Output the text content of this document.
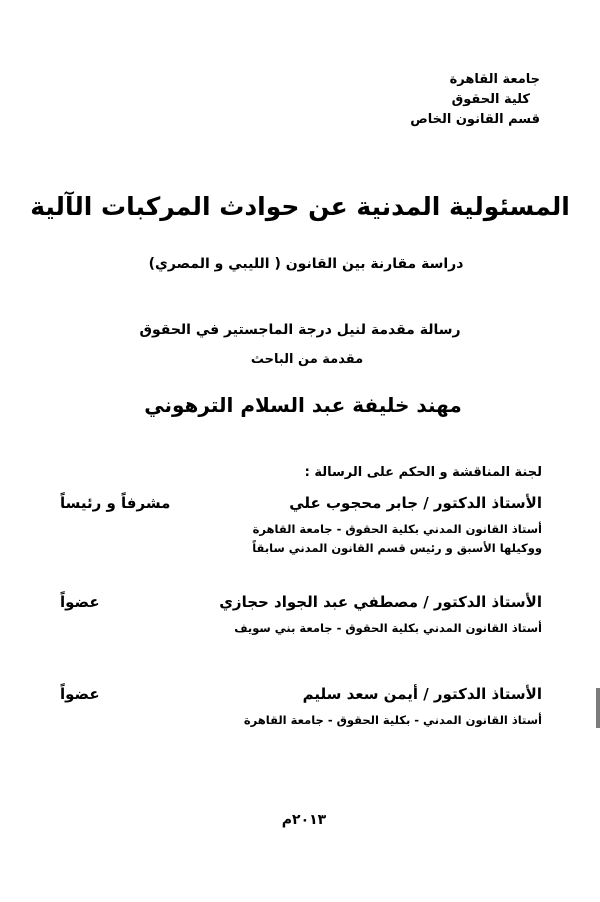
جامعة القاهرة
كلية الحقوق
قسم القانون الخاص
المسئولية المدنية عن حوادث المركبات الآلية
دراسة مقارنة بين القانون ( الليبي و المصري)
رسالة مقدمة لنيل درجة الماجستير في الحقوق
مقدمة من الباحث
مهند خليفة عبد السلام الترهوني
لجنة المناقشة و الحكم على الرسالة :
الأستاذ الدكتور / جابر محجوب علي
مشرفاً و رئيساً
أستاذ القانون المدني بكلية الحقوق - جامعة القاهرة
ووكيلها الأسبق و رئيس قسم القانون المدني سابقاً
الأستاذ الدكتور / مصطفي عبد الجواد حجازي
عضواً
أستاذ القانون المدني بكلية الحقوق - جامعة بني سويف
الأستاذ الدكتور / أيمن سعد سليم
عضواً
أستاذ القانون المدني - بكلية الحقوق - جامعة القاهرة
٢٠١٣م
